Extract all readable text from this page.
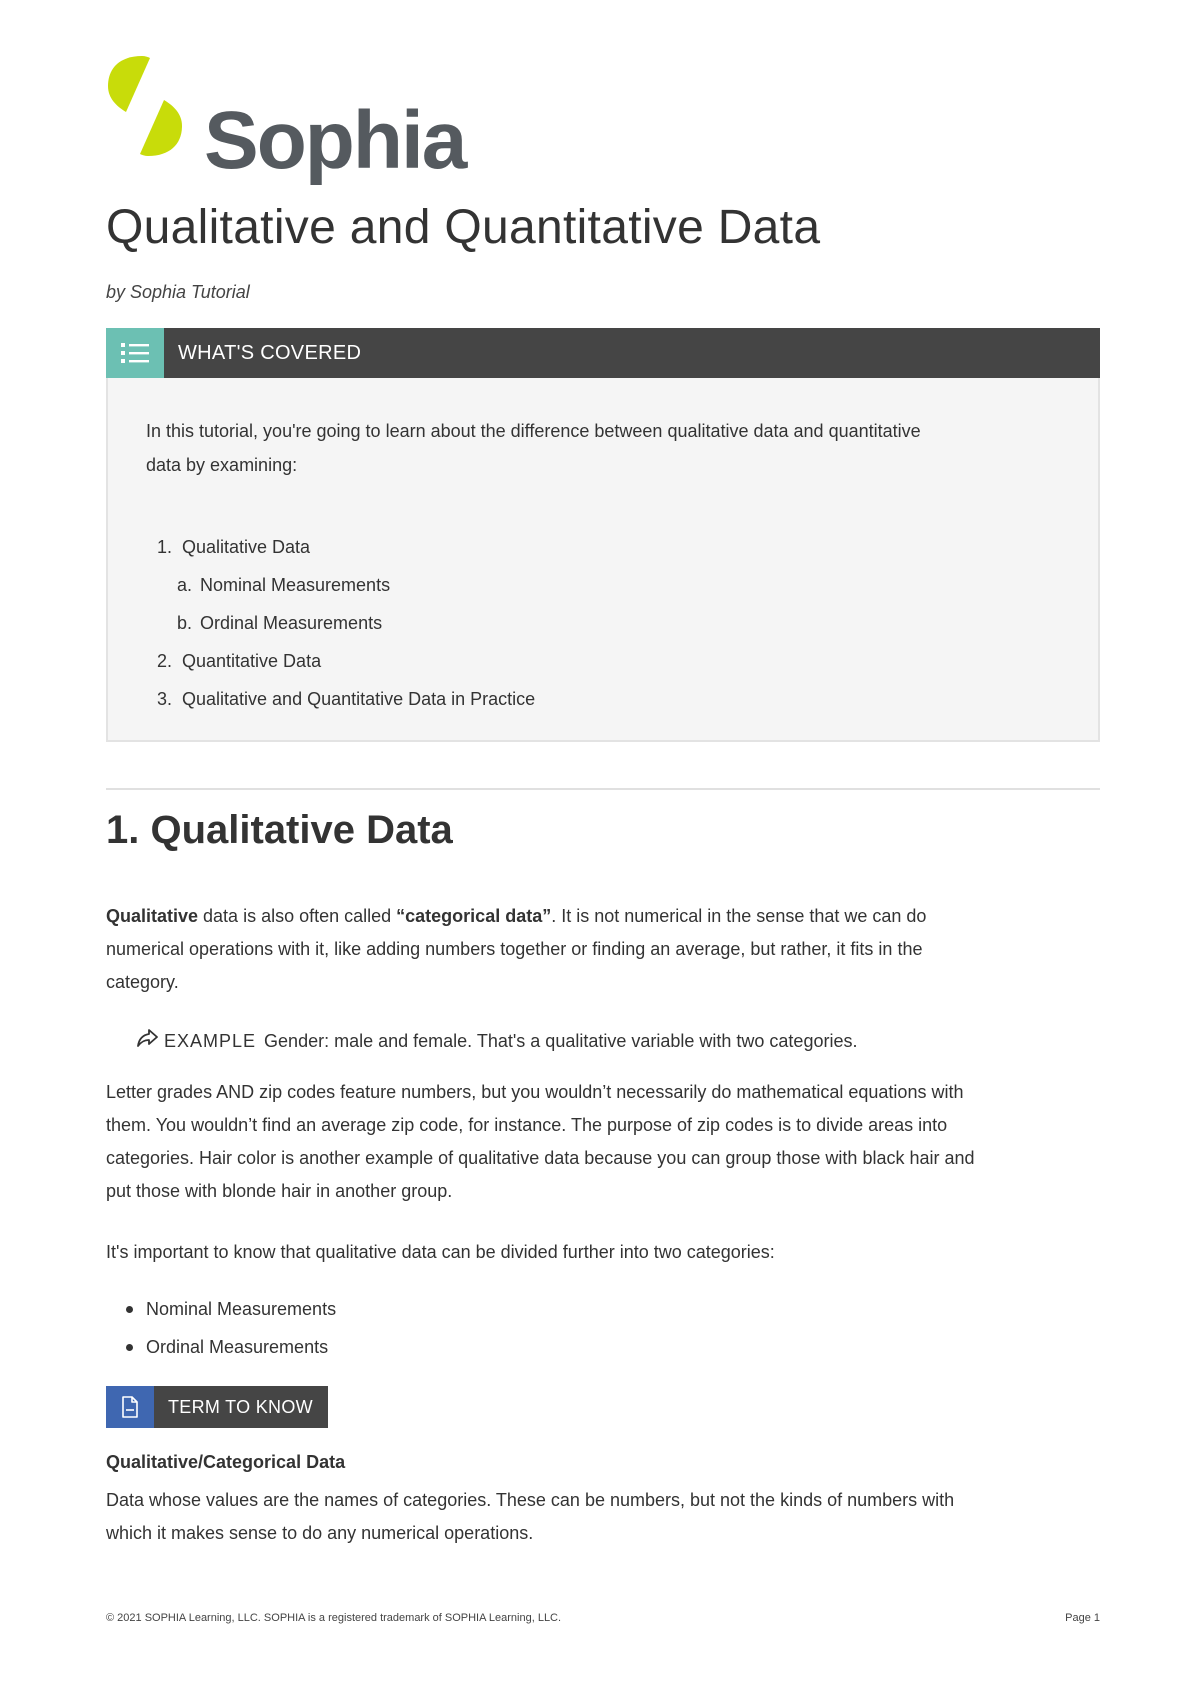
Sophia
Qualitative and Quantitative Data
by Sophia Tutorial
WHAT'S COVERED

In this tutorial, you're going to learn about the difference between qualitative data and quantitative
data by examining:

1. Qualitative Data
a. Nominal Measurements
b. Ordinal Measurements
2. Quantitative Data
3. Qualitative and Quantitative Data in Practice
1. Qualitative Data

Qualitative data is also often called “categorical data”. It is not numerical in the sense that we can do
numerical operations with it, like adding numbers together or finding an average, but rather, it fits in the
category.

EXAMPLE Gender: male and female. That's a qualitative variable with two categories.

Letter grades AND zip codes feature numbers, but you wouldn’t necessarily do mathematical equations with
them. You wouldn’t find an average zip code, for instance. The purpose of zip codes is to divide areas into
categories. Hair color is another example of qualitative data because you can group those with black hair and
put those with blonde hair in another group.

It's important to know that qualitative data can be divided further into two categories:

Nominal Measurements
Ordinal Measurements
TERM TO KNOW
Qualitative/Categorical Data

Data whose values are the names of categories. These can be numbers, but not the kinds of numbers with
which it makes sense to do any numerical operations.

© 2021 SOPHIA Learning, LLC. SOPHIA is a registered trademark of SOPHIA Learning, LLC.	Page 1
